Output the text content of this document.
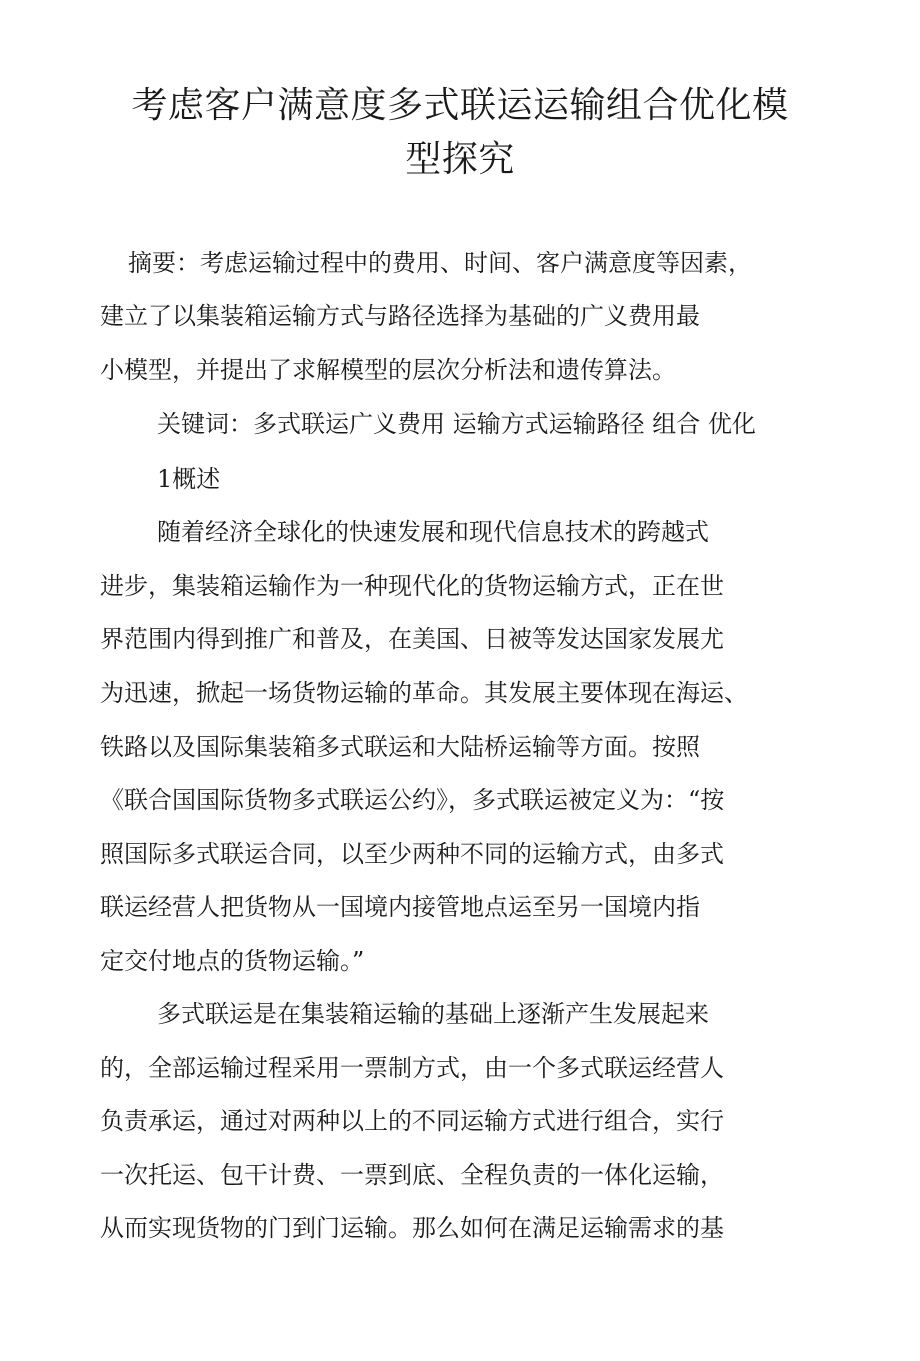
考虑客户满意度多式联运运输组合优化模
型探究

摘要：考虑运输过程中的费用、时间、客户满意度等因素，

建立了以集装箱运输方式与路径选择为基础的广义费用最

小模型，并提出了求解模型的层次分析法和遗传算法。

关键词：多式联运广义费用 运输方式运输路径 组合 优化

1概述

随着经济全球化的快速发展和现代信息技术的跨越式

进步，集装箱运输作为一种现代化的货物运输方式，正在世

界范围内得到推广和普及，在美国、日被等发达国家发展尤

为迅速，掀起一场货物运输的革命。其发展主要体现在海运、

铁路以及国际集装箱多式联运和大陆桥运输等方面。按照

《联合国国际货物多式联运公约》，多式联运被定义为：“按

照国际多式联运合同，以至少两种不同的运输方式，由多式

联运经营人把货物从一国境内接管地点运至另一国境内指

定交付地点的货物运输。”

多式联运是在集装箱运输的基础上逐渐产生发展起来

的，全部运输过程采用一票制方式，由一个多式联运经营人

负责承运，通过对两种以上的不同运输方式进行组合，实行

一次托运、包干计费、一票到底、全程负责的一体化运输，

从而实现货物的门到门运输。那么如何在满足运输需求的基
